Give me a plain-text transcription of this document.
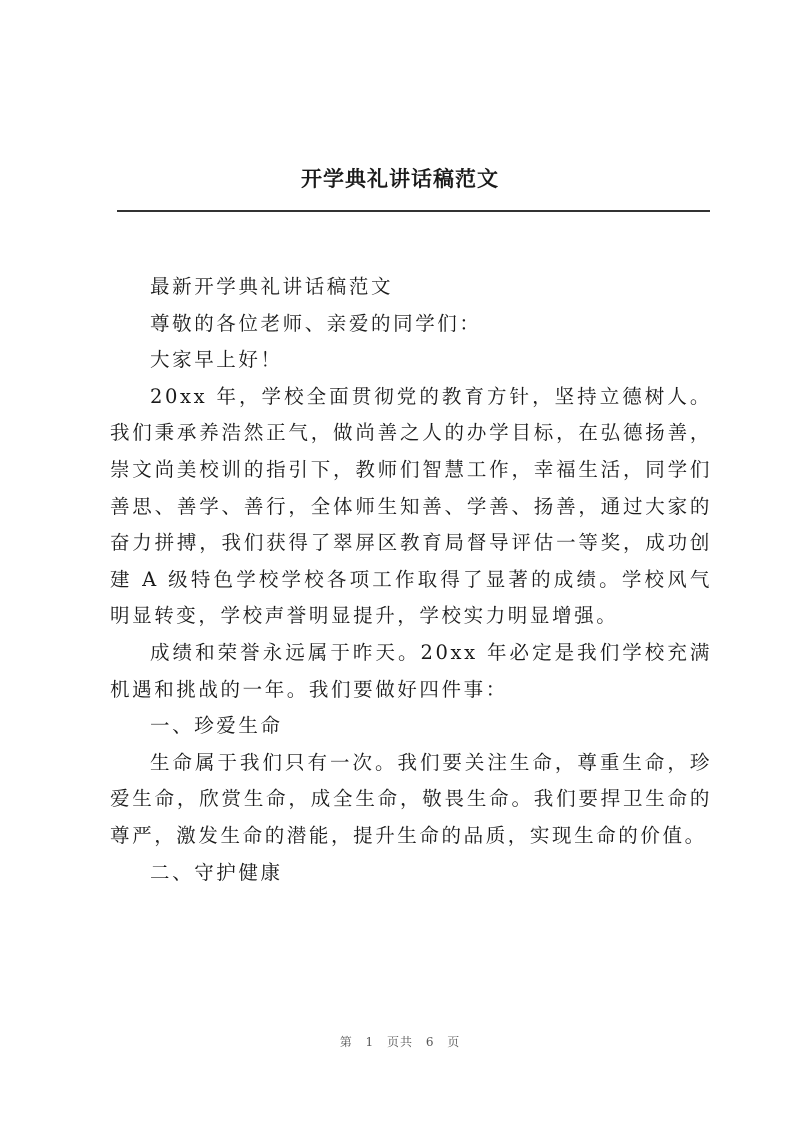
开学典礼讲话稿范文

最新开学典礼讲话稿范文

尊敬的各位老师、亲爱的同学们：

大家早上好！

20xx 年，学校全面贯彻党的教育方针，坚持立德树人。我们秉承养浩然正气，做尚善之人的办学目标，在弘德扬善，崇文尚美校训的指引下，教师们智慧工作，幸福生活，同学们善思、善学、善行，全体师生知善、学善、扬善，通过大家的奋力拼搏，我们获得了翠屏区教育局督导评估一等奖，成功创建 A 级特色学校学校各项工作取得了显著的成绩。学校风气明显转变，学校声誉明显提升，学校实力明显增强。

成绩和荣誉永远属于昨天。20xx 年必定是我们学校充满机遇和挑战的一年。我们要做好四件事：

一、珍爱生命

生命属于我们只有一次。我们要关注生命，尊重生命，珍爱生命，欣赏生命，成全生命，敬畏生命。我们要捍卫生命的尊严，激发生命的潜能，提升生命的品质，实现生命的价值。

二、守护健康

第 1 页共 6 页
